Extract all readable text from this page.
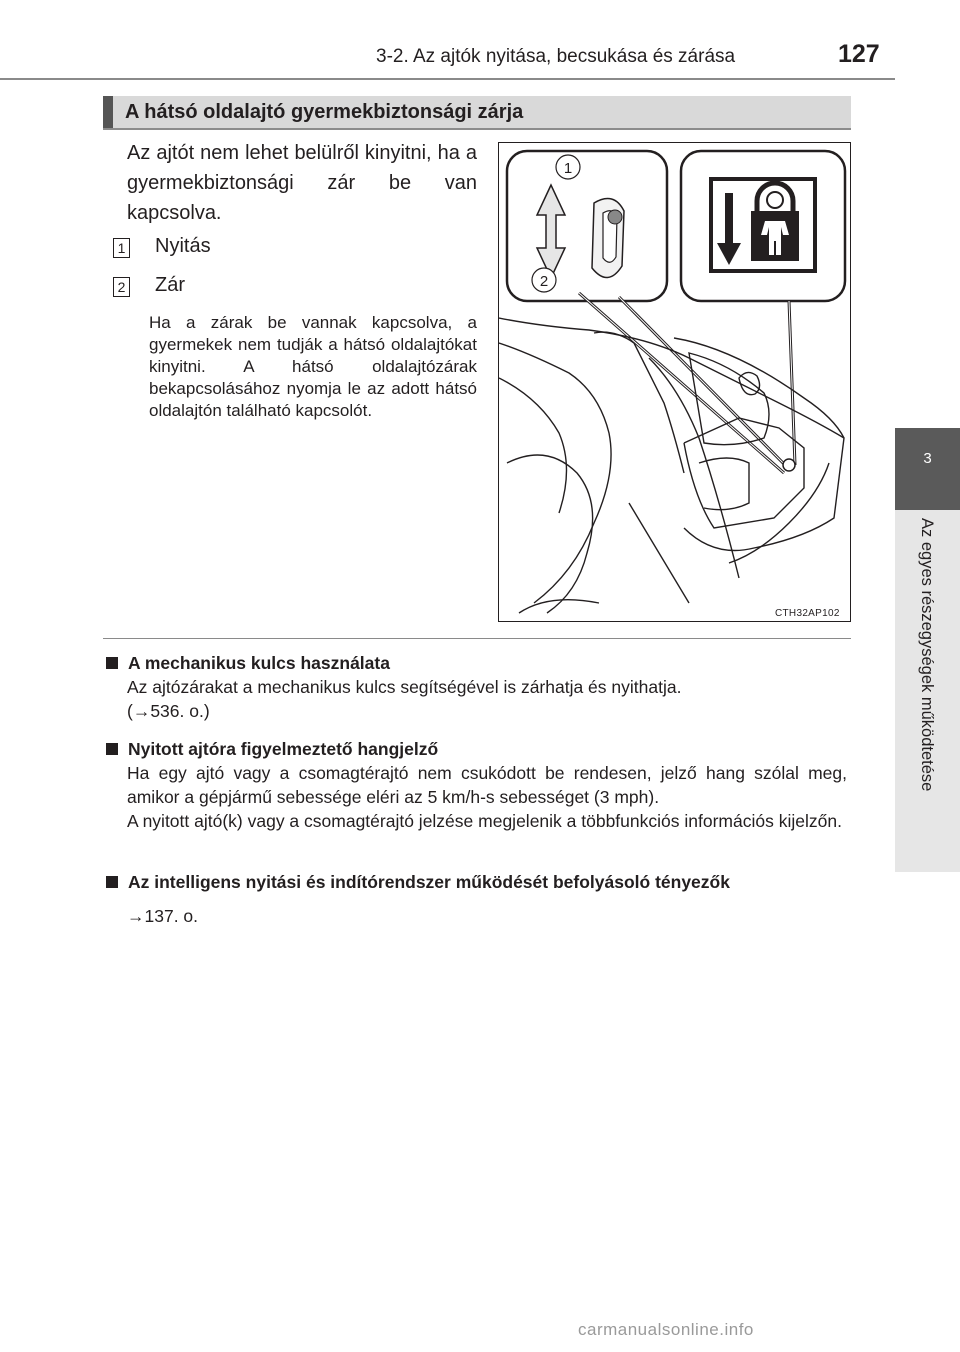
3-2. Az ajtók nyitása, becsukása és zárása	127
3
Az egyes részegységek működtetése
A hátsó oldalajtó gyermekbiztonsági zárja
Az ajtót nem lehet belülről kinyitni, ha a gyermekbiztonsági zár be van kapcsolva.
1 Nyitás
2 Zár
Ha a zárak be vannak kapcsolva, a gyermekek nem tudják a hátsó oldalajtókat kinyitni. A hátsó oldalajtózárak bekapcsolásához nyomja le az adott hátsó oldalajtón található kapcsolót.
1
2
CTH32AP102
A mechanikus kulcs használata
Az ajtózárakat a mechanikus kulcs segítségével is zárhatja és nyithatja.
(→536. o.)
Nyitott ajtóra figyelmeztető hangjelző
Ha egy ajtó vagy a csomagtérajtó nem csukódott be rendesen, jelző hang szólal meg, amikor a gépjármű sebessége eléri az 5 km/h-s sebességet (3 mph).
A nyitott ajtó(k) vagy a csomagtérajtó jelzése megjelenik a többfunkciós információs kijelzőn.
Az intelligens nyitási és indítórendszer működését befolyásoló tényezők
→137. o.
carmanualsonline.info
